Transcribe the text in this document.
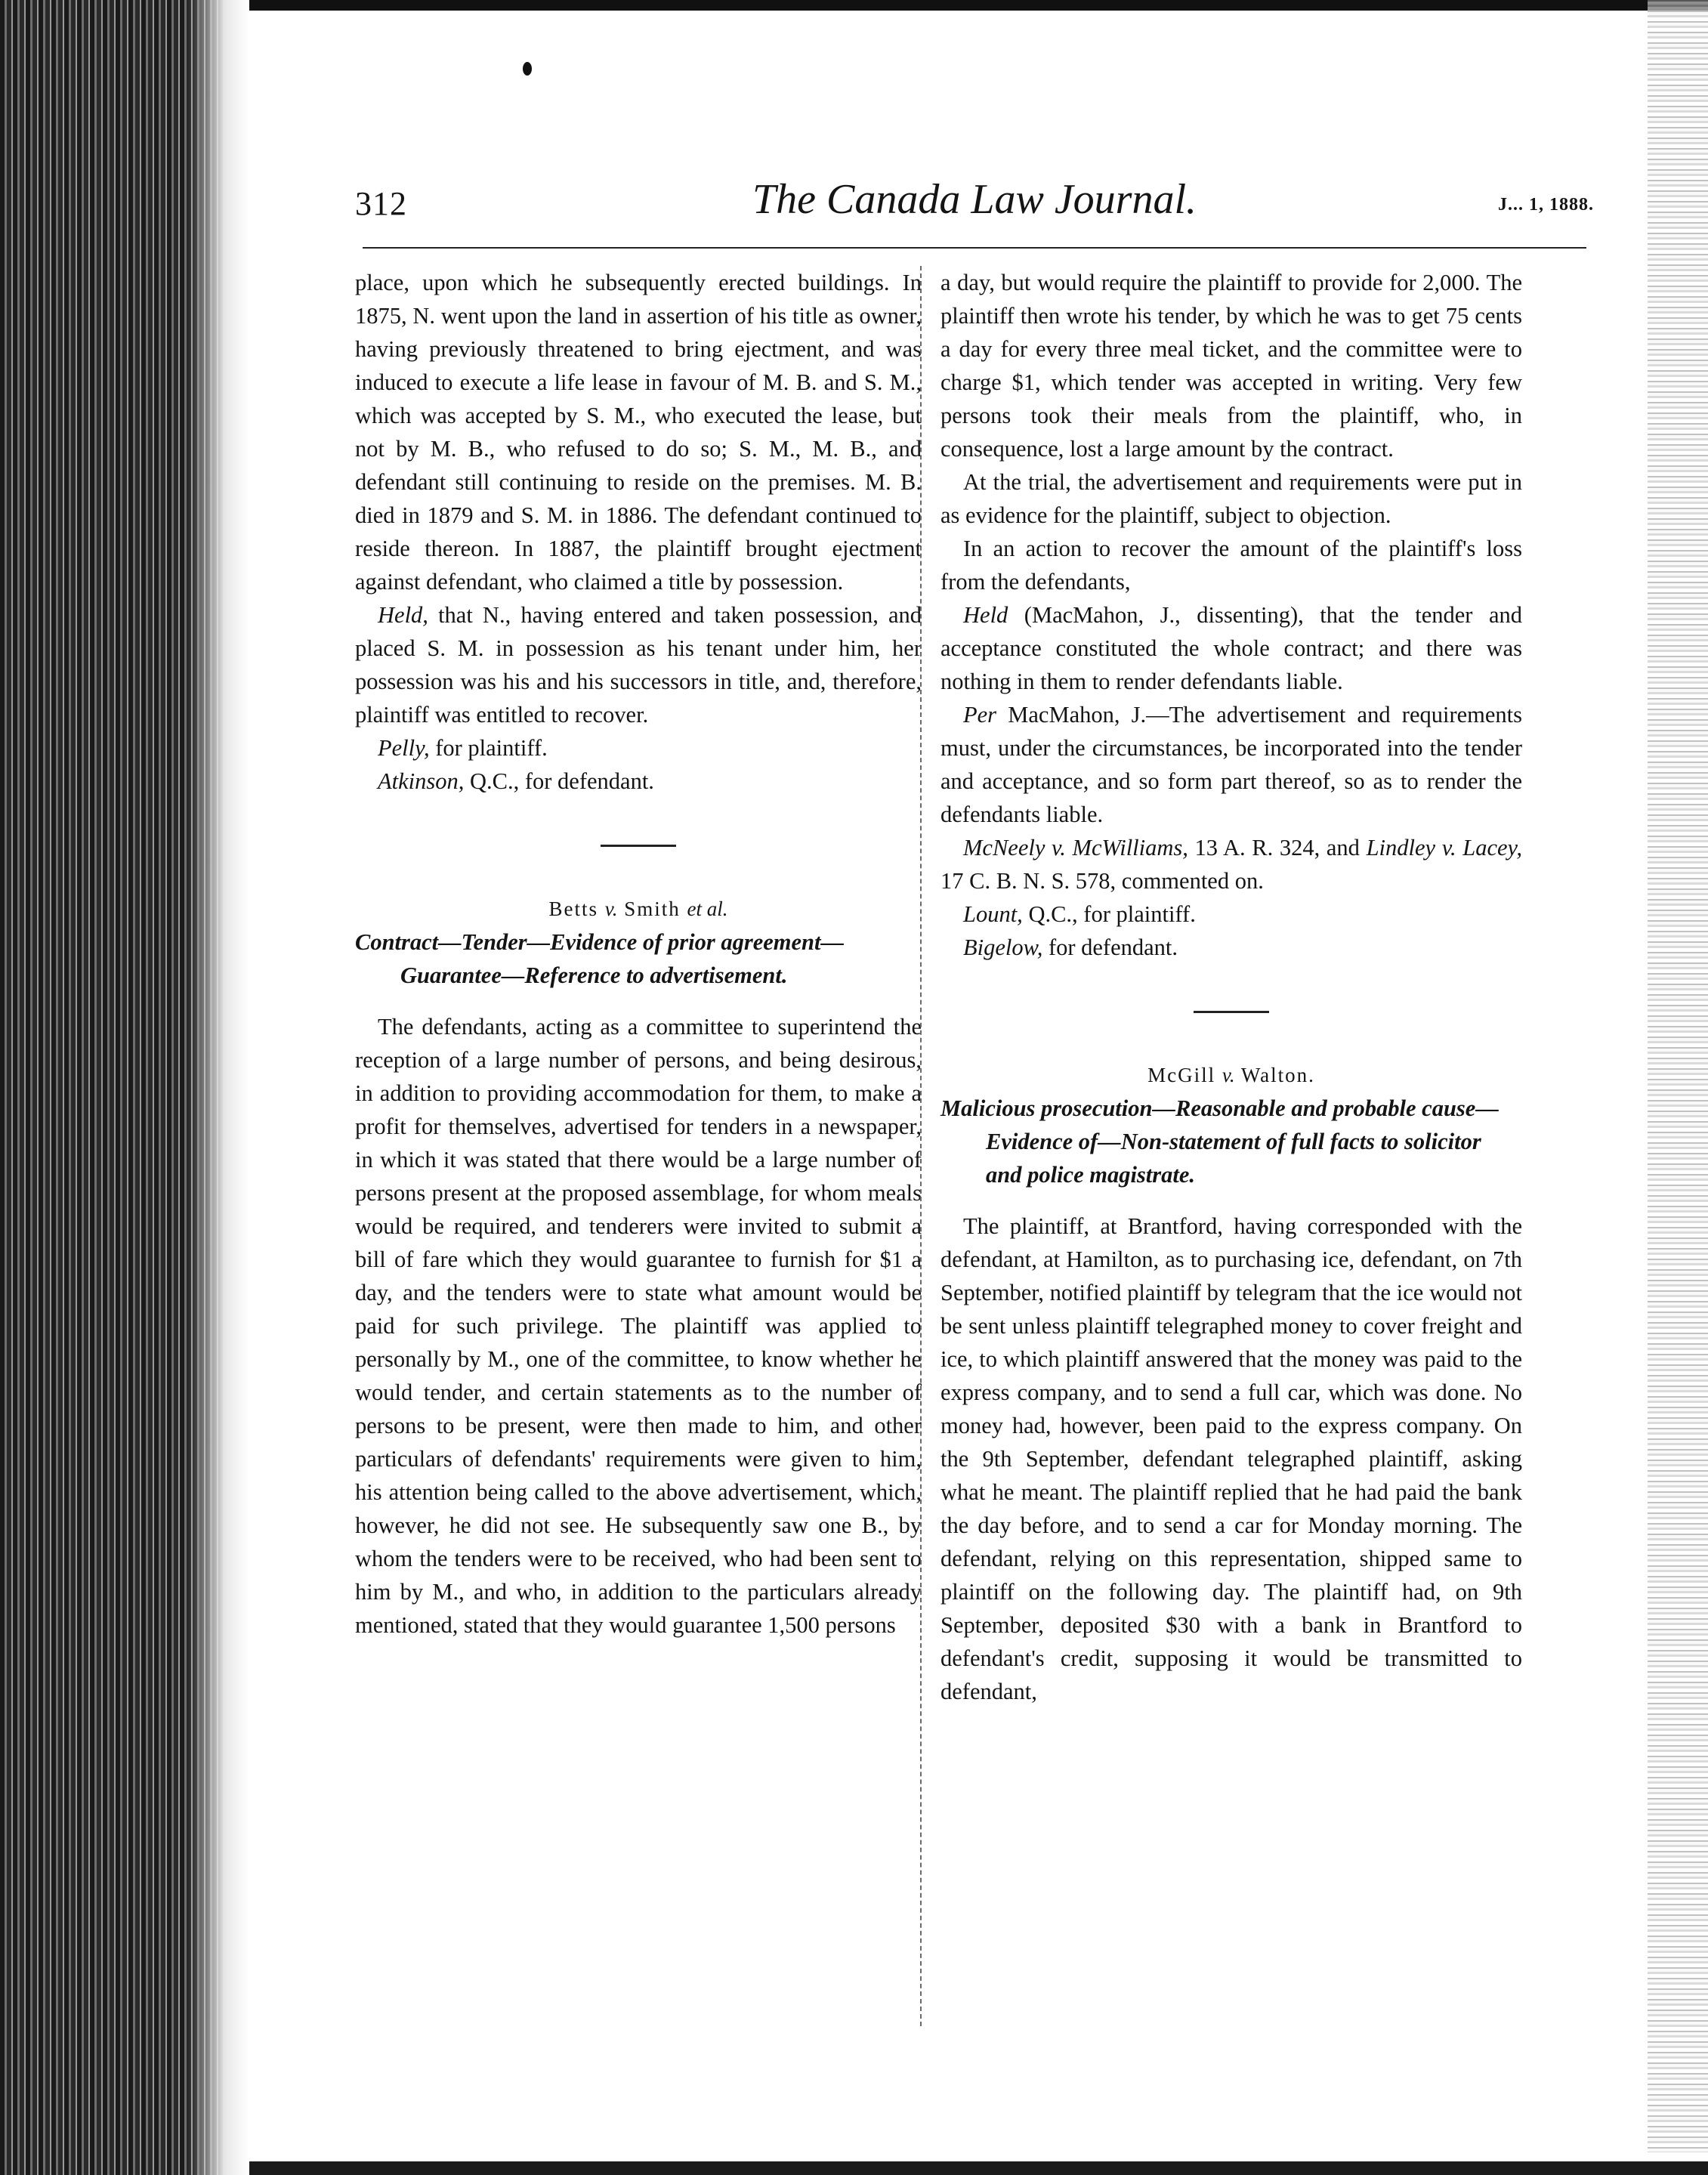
312	The Canada Law Journal.	J... 1, 1888.

place, upon which he subsequently erected buildings. In 1875, N. went upon the land in assertion of his title as owner, having previously threatened to bring ejectment, and was induced to execute a life lease in favour of M. B. and S. M., which was accepted by S. M., who executed the lease, but not by M. B., who refused to do so; S. M., M. B., and defendant still continuing to reside on the premises. M. B. died in 1879 and S. M. in 1886. The defendant continued to reside thereon. In 1887, the plaintiff brought ejectment against defendant, who claimed a title by possession.

Held, that N., having entered and taken possession, and placed S. M. in possession as his tenant under him, her possession was his and his successors in title, and, therefore, plaintiff was entitled to recover.

Pelly, for plaintiff.

Atkinson, Q.C., for defendant.

Betts v. Smith et al.

Contract—Tender—Evidence of prior agreement—Guarantee—Reference to advertisement.

The defendants, acting as a committee to superintend the reception of a large number of persons, and being desirous, in addition to providing accommodation for them, to make a profit for themselves, advertised for tenders in a newspaper, in which it was stated that there would be a large number of persons present at the proposed assemblage, for whom meals would be required, and tenderers were invited to submit a bill of fare which they would guarantee to furnish for $1 a day, and the tenders were to state what amount would be paid for such privilege. The plaintiff was applied to personally by M., one of the committee, to know whether he would tender, and certain statements as to the number of persons to be present, were then made to him, and other particulars of defendants' requirements were given to him, his attention being called to the above advertisement, which, however, he did not see. He subsequently saw one B., by whom the tenders were to be received, who had been sent to him by M., and who, in addition to the particulars already mentioned, stated that they would guarantee 1,500 persons

a day, but would require the plaintiff to provide for 2,000. The plaintiff then wrote his tender, by which he was to get 75 cents a day for every three meal ticket, and the committee were to charge $1, which tender was accepted in writing. Very few persons took their meals from the plaintiff, who, in consequence, lost a large amount by the contract.

At the trial, the advertisement and requirements were put in as evidence for the plaintiff, subject to objection.

In an action to recover the amount of the plaintiff's loss from the defendants,

Held (MacMahon, J., dissenting), that the tender and acceptance constituted the whole contract; and there was nothing in them to render defendants liable.

Per MacMahon, J.—The advertisement and requirements must, under the circumstances, be incorporated into the tender and acceptance, and so form part thereof, so as to render the defendants liable.

McNeely v. McWilliams, 13 A. R. 324, and Lindley v. Lacey, 17 C. B. N. S. 578, commented on.

Lount, Q.C., for plaintiff.

Bigelow, for defendant.

McGill v. Walton.

Malicious prosecution—Reasonable and probable cause—Evidence of—Non-statement of full facts to solicitor and police magistrate.

The plaintiff, at Brantford, having corresponded with the defendant, at Hamilton, as to purchasing ice, defendant, on 7th September, notified plaintiff by telegram that the ice would not be sent unless plaintiff telegraphed money to cover freight and ice, to which plaintiff answered that the money was paid to the express company, and to send a full car, which was done. No money had, however, been paid to the express company. On the 9th September, defendant telegraphed plaintiff, asking what he meant. The plaintiff replied that he had paid the bank the day before, and to send a car for Monday morning. The defendant, relying on this representation, shipped same to plaintiff on the following day. The plaintiff had, on 9th September, deposited $30 with a bank in Brantford to defendant's credit, supposing it would be transmitted to defendant,
